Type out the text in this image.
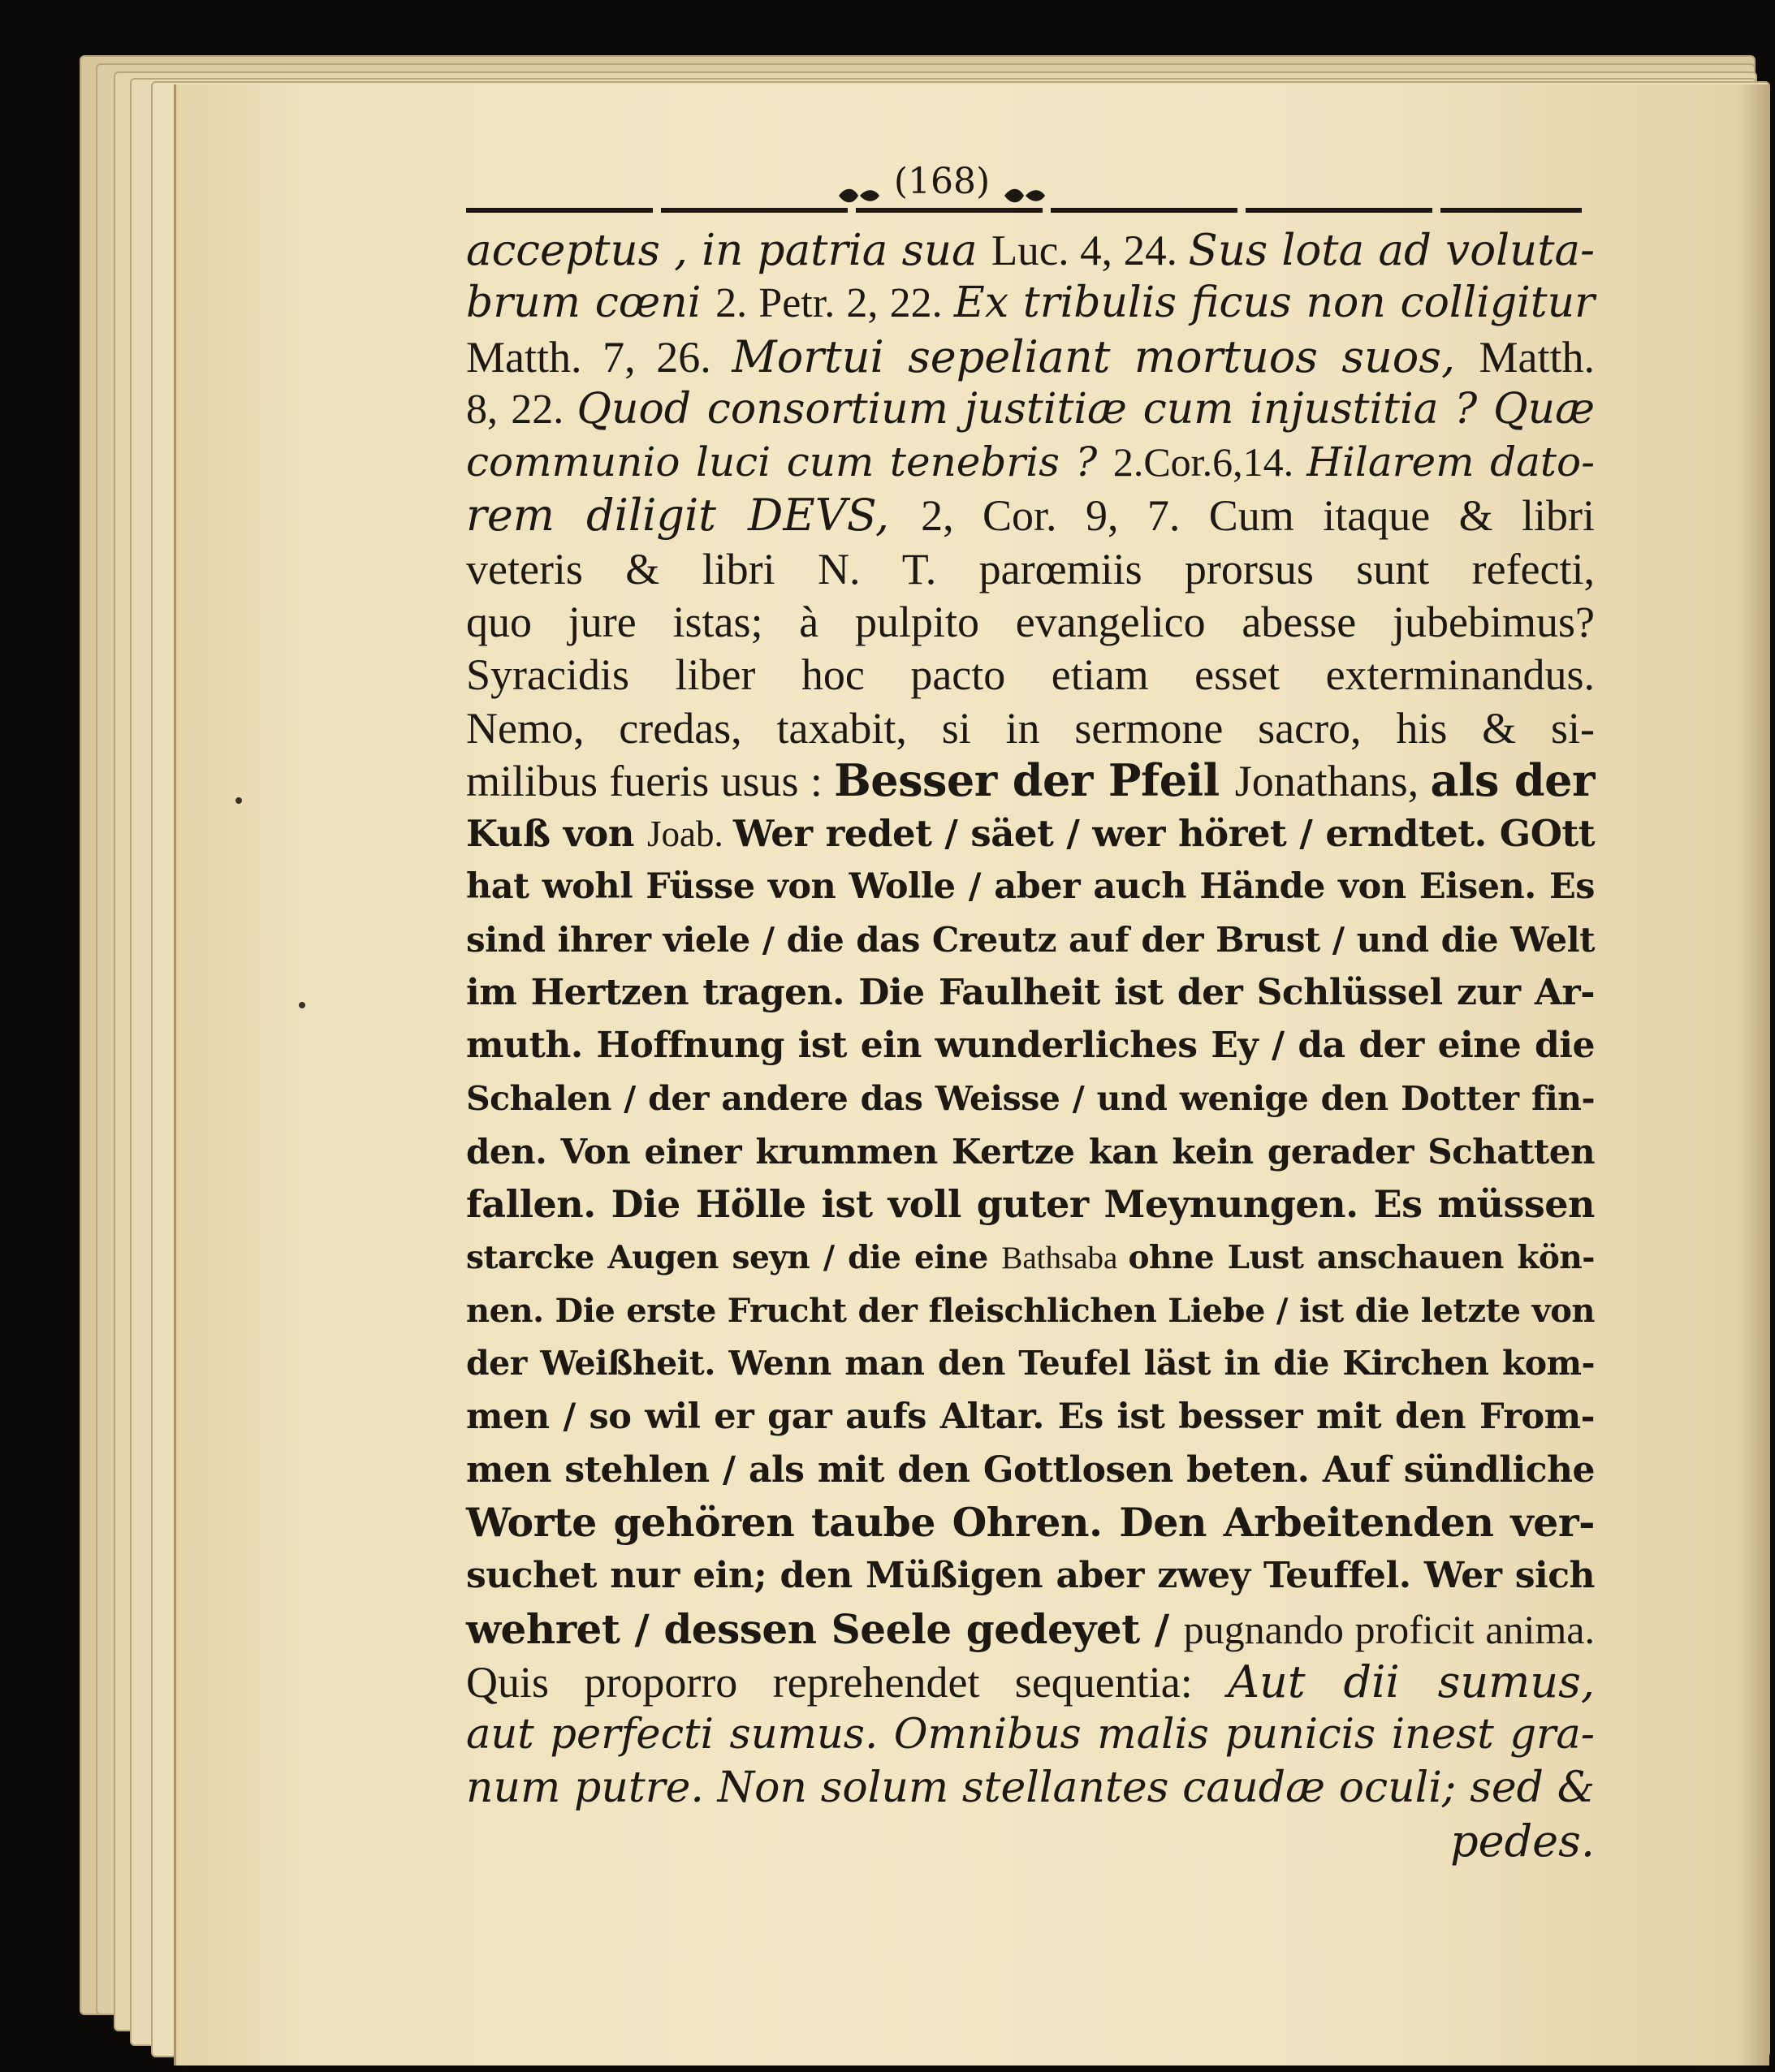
(168)
acceptus , in patria sua Luc. 4, 24. Sus lota ad voluta-
brum cœni 2. Petr. 2, 22. Ex tribulis ficus non colligitur
Matth. 7, 26. Mortui sepeliant mortuos suos, Matth.
8, 22. Quod consortium justitiæ cum injustitia ? Quæ
communio luci cum tenebris ? 2.Cor.6,14. Hilarem dato-
rem diligit DEVS, 2, Cor. 9, 7. Cum itaque & libri
veteris & libri N. T. parœmiis prorsus sunt refecti,
quo jure istas; à pulpito evangelico abesse jubebimus?
Syracidis liber hoc pacto etiam esset exterminandus.
Nemo, credas, taxabit, si in sermone sacro, his & si-
milibus fueris usus : Besser der Pfeil Jonathans, als der
Kuß von Joab. Wer redet / säet / wer höret / erndtet. GOtt
hat wohl Füsse von Wolle / aber auch Hände von Eisen. Es
sind ihrer viele / die das Creutz auf der Brust / und die Welt
im Hertzen tragen. Die Faulheit ist der Schlüssel zur Ar-
muth. Hoffnung ist ein wunderliches Ey / da der eine die
Schalen / der andere das Weisse / und wenige den Dotter fin-
den. Von einer krummen Kertze kan kein gerader Schatten
fallen. Die Hölle ist voll guter Meynungen. Es müssen
starcke Augen seyn / die eine Bathsaba ohne Lust anschauen kön-
nen. Die erste Frucht der fleischlichen Liebe / ist die letzte von
der Weißheit. Wenn man den Teufel läst in die Kirchen kom-
men / so wil er gar aufs Altar. Es ist besser mit den From-
men stehlen / als mit den Gottlosen beten. Auf sündliche
Worte gehören taube Ohren. Den Arbeitenden ver-
suchet nur ein; den Müßigen aber zwey Teuffel. Wer sich
wehret / dessen Seele gedeyet / pugnando proficit anima.
Quis proporro reprehendet sequentia: Aut dii sumus,
aut perfecti sumus. Omnibus malis punicis inest gra-
num putre. Non solum stellantes caudæ oculi; sed &
pedes.
